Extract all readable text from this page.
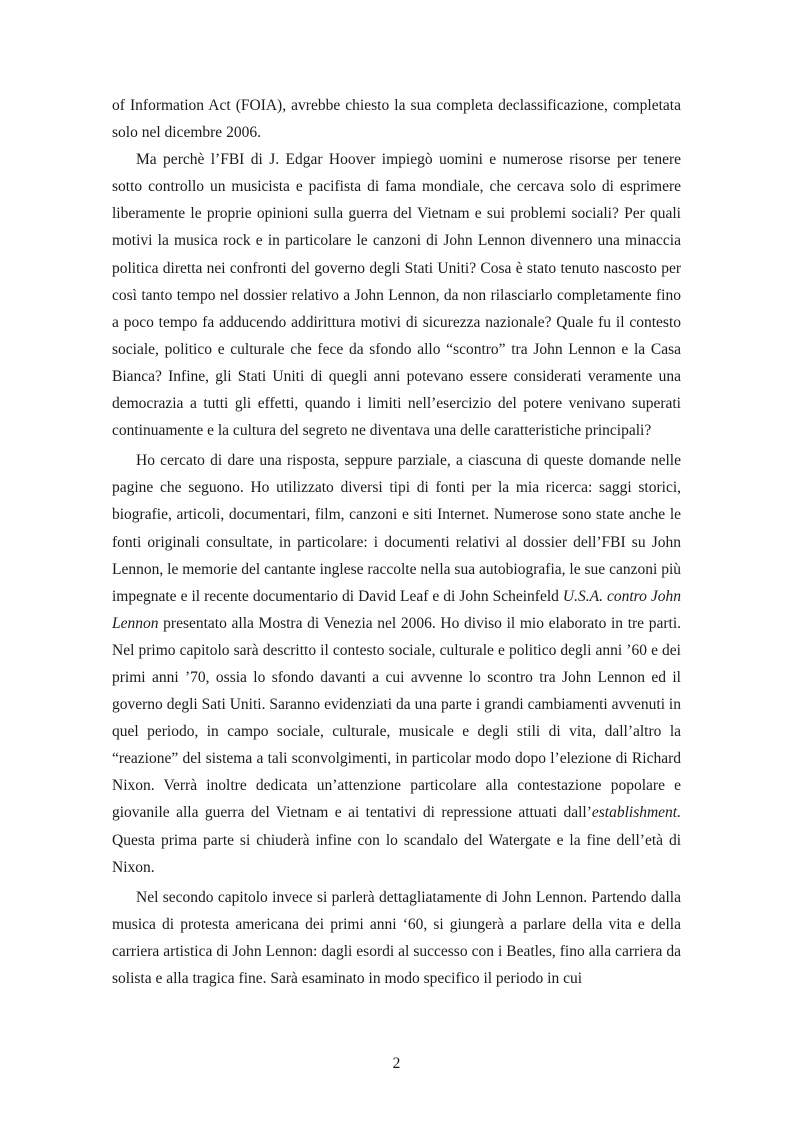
of Information Act (FOIA), avrebbe chiesto la sua completa declassificazione, completata solo nel dicembre 2006.

Ma perchè l’FBI di J. Edgar Hoover impiegò uomini e numerose risorse per tenere sotto controllo un musicista e pacifista di fama mondiale, che cercava solo di esprimere liberamente le proprie opinioni sulla guerra del Vietnam e sui problemi sociali? Per quali motivi la musica rock e in particolare le canzoni di John Lennon divennero una minaccia politica diretta nei confronti del governo degli Stati Uniti? Cosa è stato tenuto nascosto per così tanto tempo nel dossier relativo a John Lennon, da non rilasciarlo completamente fino a poco tempo fa adducendo addirittura motivi di sicurezza nazionale? Quale fu il contesto sociale, politico e culturale che fece da sfondo allo “scontro” tra John Lennon e la Casa Bianca? Infine, gli Stati Uniti di quegli anni potevano essere considerati veramente una democrazia a tutti gli effetti, quando i limiti nell’esercizio del potere venivano superati continuamente e la cultura del segreto ne diventava una delle caratteristiche principali?

Ho cercato di dare una risposta, seppure parziale, a ciascuna di queste domande nelle pagine che seguono. Ho utilizzato diversi tipi di fonti per la mia ricerca: saggi storici, biografie, articoli, documentari, film, canzoni e siti Internet. Numerose sono state anche le fonti originali consultate, in particolare: i documenti relativi al dossier dell’FBI su John Lennon, le memorie del cantante inglese raccolte nella sua autobiografia, le sue canzoni più impegnate e il recente documentario di David Leaf e di John Scheinfeld U.S.A. contro John Lennon presentato alla Mostra di Venezia nel 2006. Ho diviso il mio elaborato in tre parti. Nel primo capitolo sarà descritto il contesto sociale, culturale e politico degli anni ’60 e dei primi anni ’70, ossia lo sfondo davanti a cui avvenne lo scontro tra John Lennon ed il governo degli Sati Uniti. Saranno evidenziati da una parte i grandi cambiamenti avvenuti in quel periodo, in campo sociale, culturale, musicale e degli stili di vita, dall’altro la “reazione” del sistema a tali sconvolgimenti, in particolar modo dopo l’elezione di Richard Nixon. Verrà inoltre dedicata un’attenzione particolare alla contestazione popolare e giovanile alla guerra del Vietnam e ai tentativi di repressione attuati dall’establishment. Questa prima parte si chiuderà infine con lo scandalo del Watergate e la fine dell’età di Nixon.

Nel secondo capitolo invece si parlerà dettagliatamente di John Lennon. Partendo dalla musica di protesta americana dei primi anni ‘60, si giungerà a parlare della vita e della carriera artistica di John Lennon: dagli esordi al successo con i Beatles, fino alla carriera da solista e alla tragica fine. Sarà esaminato in modo specifico il periodo in cui

2
